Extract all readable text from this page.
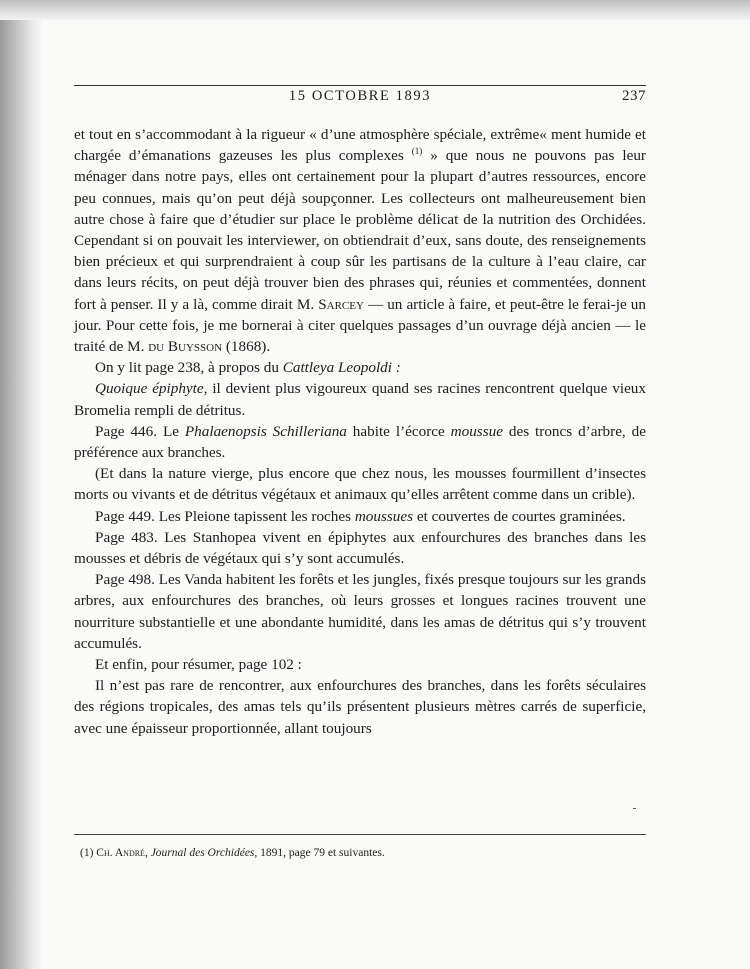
15 OCTOBRE 1893	237

et tout en s’accommodant à la rigueur « d’une atmosphère spéciale, extrême« ment humide et chargée d’émanations gazeuses les plus complexes $^{(1)}$ » que nous ne pouvons pas leur ménager dans notre pays, elles ont certainement pour la plupart d’autres ressources, encore peu connues, mais qu’on peut déjà soupçonner. Les collecteurs ont malheureusement bien autre chose à faire que d’étudier sur place le problème délicat de la nutrition des Orchidées. Cependant si on pouvait les interviewer, on obtiendrait d’eux, sans doute, des renseignements bien précieux et qui surprendraient à coup sûr les partisans de la culture à l’eau claire, car dans leurs récits, on peut déjà trouver bien des phrases qui, réunies et commentées, donnent fort à penser. Il y a là, comme dirait M. Sarcey — un article à faire, et peut-être le ferai-je un jour. Pour cette fois, je me bornerai à citer quelques passages d’un ouvrage déjà ancien — le traité de M. du Buysson (1868).

On y lit page 238, à propos du Cattleya Leopoldi :

Quoique épiphyte, il devient plus vigoureux quand ses racines rencontrent quelque vieux Bromelia rempli de détritus.

Page 446. Le Phalaenopsis Schilleriana habite l’écorce moussue des troncs d’arbre, de préférence aux branches.

(Et dans la nature vierge, plus encore que chez nous, les mousses fourmillent d’insectes morts ou vivants et de détritus végétaux et animaux qu’elles arrêtent comme dans un crible).

Page 449. Les Pleione tapissent les roches moussues et couvertes de courtes graminées.

Page 483. Les Stanhopea vivent en épiphytes aux enfourchures des branches dans les mousses et débris de végétaux qui s’y sont accumulés.

Page 498. Les Vanda habitent les forêts et les jungles, fixés presque toujours sur les grands arbres, aux enfourchures des branches, où leurs grosses et longues racines trouvent une nourriture substantielle et une abondante humidité, dans les amas de détritus qui s’y trouvent accumulés.

Et enfin, pour résumer, page 102 :

Il n’est pas rare de rencontrer, aux enfourchures des branches, dans les forêts séculaires des régions tropicales, des amas tels qu’ils présentent plusieurs mètres carrés de superficie, avec une épaisseur proportionnée, allant toujours

(1) Ch. André, Journal des Orchidées, 1891, page 79 et suivantes.
